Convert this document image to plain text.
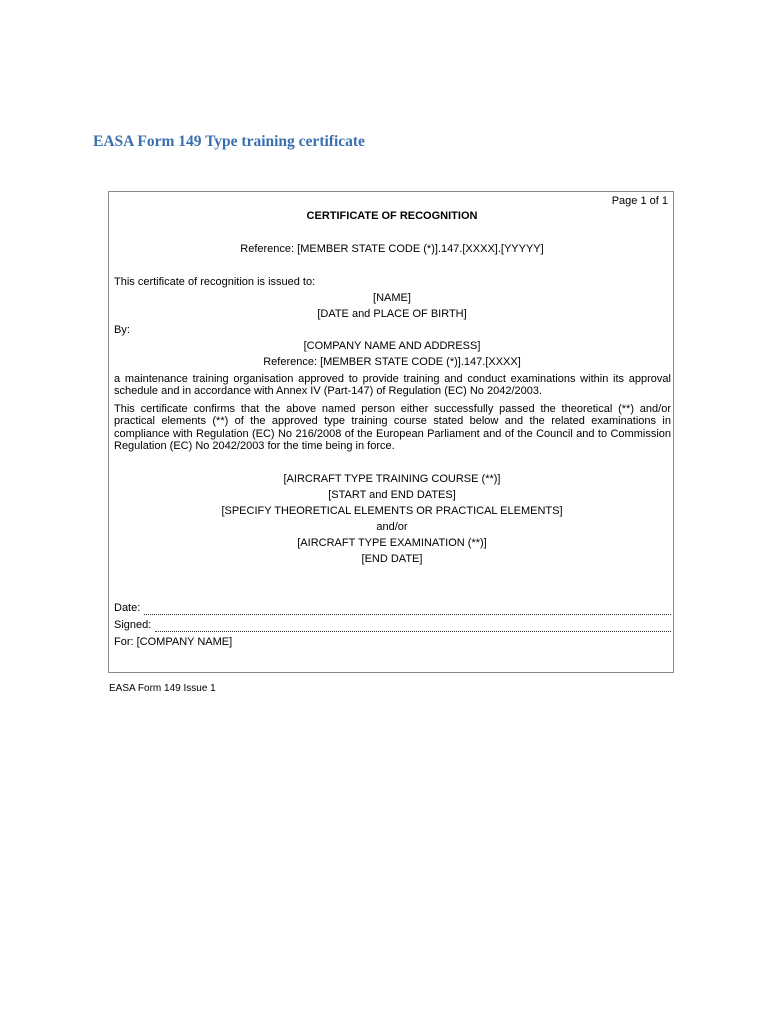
EASA Form 149 Type training certificate
Page 1 of 1
CERTIFICATE OF RECOGNITION
Reference: [MEMBER STATE CODE (*)].147.[XXXX].[YYYYY]
This certificate of recognition is issued to:
[NAME]
[DATE and PLACE OF BIRTH]
By:
[COMPANY NAME AND ADDRESS]
Reference: [MEMBER STATE CODE (*)].147.[XXXX]

a maintenance training organisation approved to provide training and conduct examinations within its approval schedule and in accordance with Annex IV (Part-147) of Regulation (EC) No 2042/2003.

This certificate confirms that the above named person either successfully passed the theoretical (**) and/or practical elements (**) of the approved type training course stated below and the related examinations in compliance with Regulation (EC) No 216/2008 of the European Parliament and of the Council and to Commission Regulation (EC) No 2042/2003 for the time being in force.

[AIRCRAFT TYPE TRAINING COURSE (**)]
[START and END DATES]
[SPECIFY THEORETICAL ELEMENTS OR PRACTICAL ELEMENTS]
and/or
[AIRCRAFT TYPE EXAMINATION (**)]
[END DATE]
Date:
Signed:
For: [COMPANY NAME]
EASA Form 149 Issue 1
